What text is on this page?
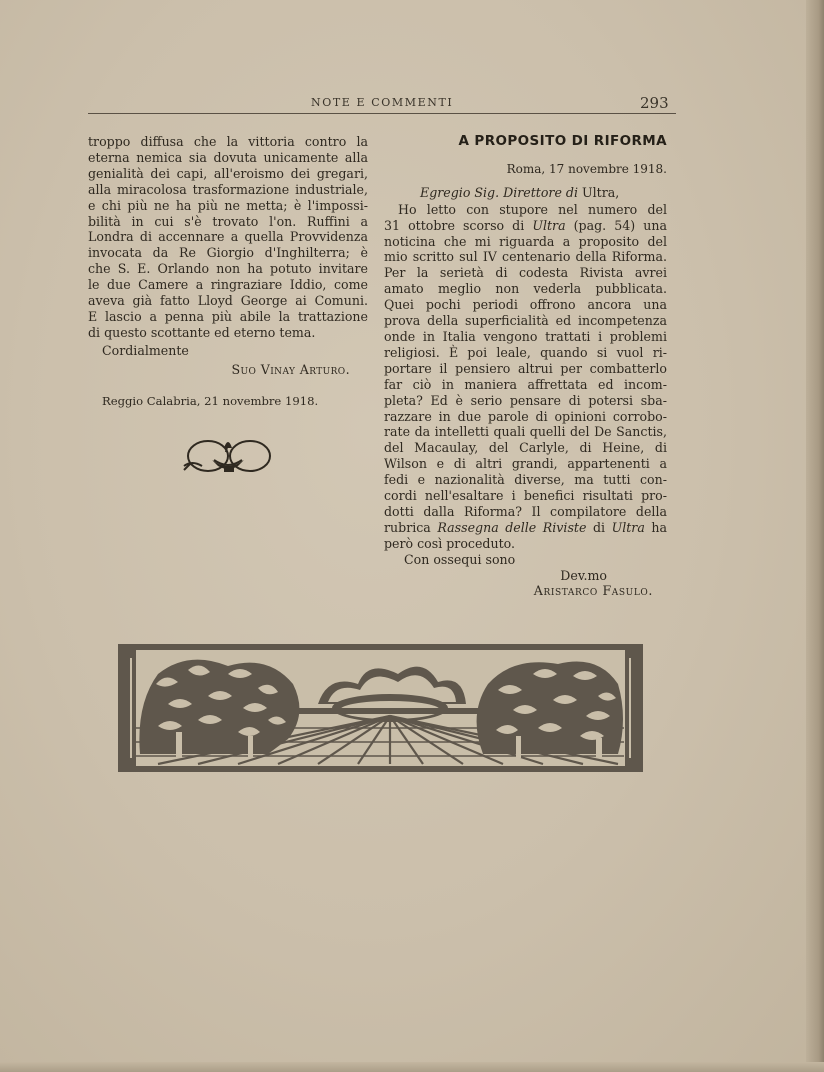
NOTE E COMMENTI	293

troppo diffusa che la vittoria contro la

eterna nemica sia dovuta unicamente alla

genialità dei capi, all'eroismo dei gregari,

alla miracolosa trasformazione industriale,

e chi più ne ha più ne metta; è l'impossi-

bilità in cui s'è trovato l'on. Ruffini a

Londra di accennare a quella Provvidenza

invocata da Re Giorgio d'Inghilterra; è

che S. E. Orlando non ha potuto invitare

le due Camere a ringraziare Iddio, come

aveva già fatto Lloyd George ai Comuni.

E lascio a penna più abile la trattazione

di questo scottante ed eterno tema.

Cordialmente
Suo Vinay Arturo.
Reggio Calabria, 21 novembre 1918.
A PROPOSITO DI RIFORMA
Roma, 17 novembre 1918.
Egregio Sig. Direttore di Ultra,

Ho letto con stupore nel numero del

31 ottobre scorso di Ultra (pag. 54) una

noticina che mi riguarda a proposito del

mio scritto sul IV centenario della Riforma.

Per la serietà di codesta Rivista avrei

amato meglio non vederla pubblicata.

Quei pochi periodi offrono ancora una

prova della superficialità ed incompetenza

onde in Italia vengono trattati i problemi

religiosi. È poi leale, quando si vuol ri-

portare il pensiero altrui per combatterlo

far ciò in maniera affrettata ed incom-

pleta? Ed è serio pensare di potersi sba-

razzare in due parole di opinioni corrobo-

rate da intelletti quali quelli del De Sanctis,

del Macaulay, del Carlyle, di Heine, di

Wilson e di altri grandi, appartenenti a

fedi e nazionalità diverse, ma tutti con-

cordi nell'esaltare i benefici risultati pro-

dotti dalla Riforma? Il compilatore della

rubrica Rassegna delle Riviste di Ultra ha

però così proceduto.

Con ossequi sono
Dev.mo
Aristarco Fasulo.
